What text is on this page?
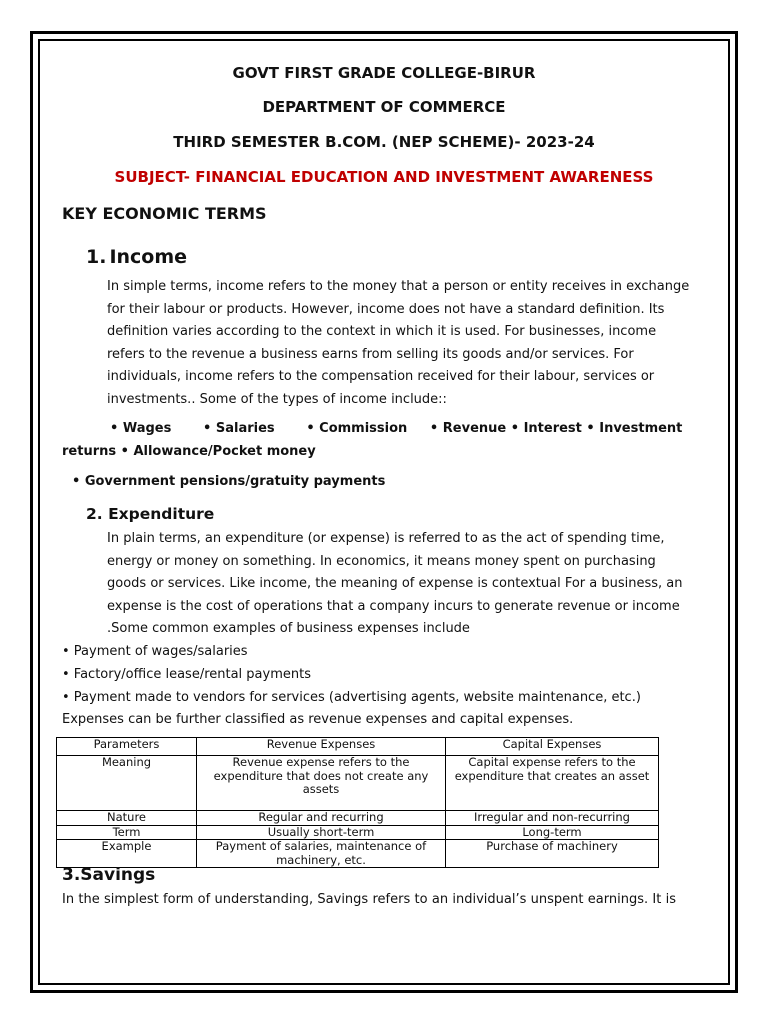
GOVT FIRST GRADE COLLEGE-BIRUR
DEPARTMENT OF COMMERCE
THIRD SEMESTER B.COM. (NEP SCHEME)- 2023-24
SUBJECT- FINANCIAL EDUCATION AND INVESTMENT AWARENESS
KEY ECONOMIC TERMS
1. Income
In simple terms, income refers to the money that a person or entity receives in exchange
for their labour or products. However, income does not have a standard definition. Its
definition varies according to the context in which it is used. For businesses, income
refers to the revenue a business earns from selling its goods and/or services. For
individuals, income refers to the compensation received for their labour, services or
investments.. Some of the types of income include::
• Wages       • Salaries       • Commission     • Revenue • Interest • Investment
returns • Allowance/Pocket money
• Government pensions/gratuity payments
2. Expenditure
In plain terms, an expenditure (or expense) is referred to as the act of spending time,
energy or money on something. In economics, it means money spent on purchasing
goods or services. Like income, the meaning of expense is contextual For a business, an
expense is the cost of operations that a company incurs to generate revenue or income
.Some common examples of business expenses include
• Payment of wages/salaries
• Factory/office lease/rental payments
• Payment made to vendors for services (advertising agents, website maintenance, etc.)
Expenses can be further classified as revenue expenses and capital expenses.
Parameters	Revenue Expenses	Capital Expenses
Meaning	Revenue expense refers to the expenditure that does not create any assets	Capital expense refers to the expenditure that creates an asset
Nature	Regular and recurring	Irregular and non-recurring
Term	Usually short-term	Long-term
Example	Payment of salaries, maintenance of machinery, etc.	Purchase of machinery
3.Savings
In the simplest form of understanding, Savings refers to an individual’s unspent earnings. It is
